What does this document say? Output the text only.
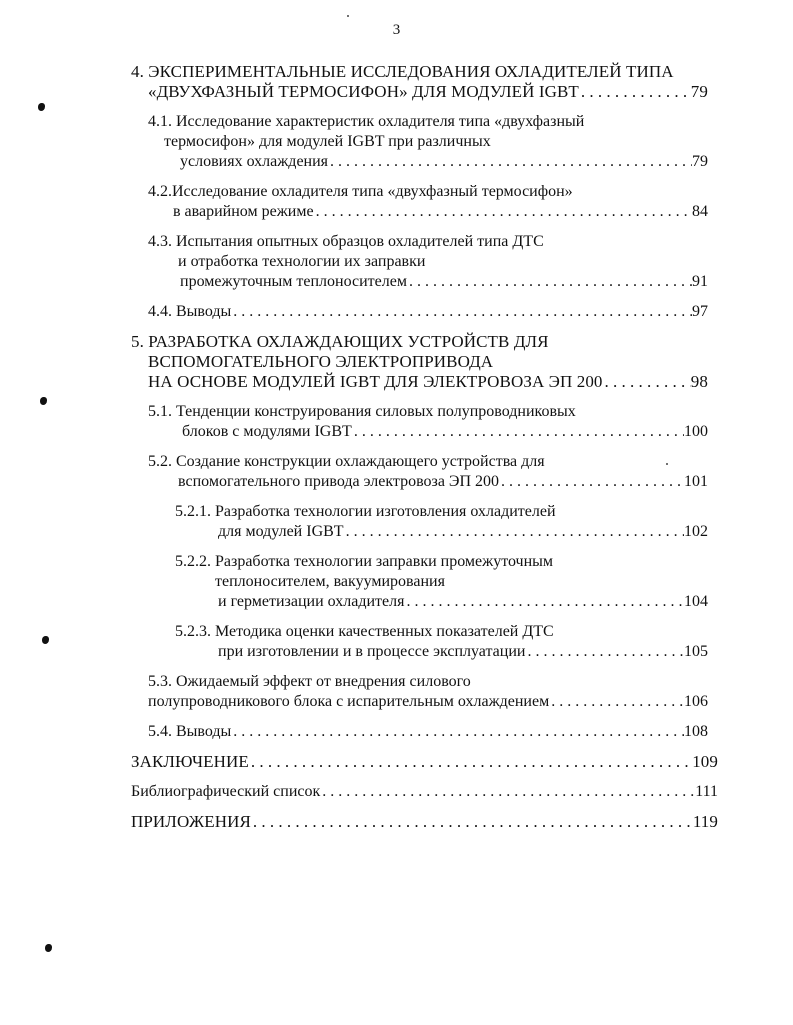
3
4. ЭКСПЕРИМЕНТАЛЬНЫЕ ИССЛЕДОВАНИЯ ОХЛАДИТЕЛЕЙ ТИПА
«ДВУХФАЗНЫЙ ТЕРМОСИФОН» ДЛЯ МОДУЛЕЙ IGBT . . .	79
4.1. Исследование характеристик охладителя типа «двухфазный
термосифон» для модулей IGBT при различных
условиях охлаждения . . .	79
4.2.Исследование охладителя типа «двухфазный термосифон»
в аварийном режиме . . .	84
4.3. Испытания опытных образцов охладителей типа ДТС
и отработка технологии их заправки
промежуточным теплоносителем . . .	91
4.4. Выводы . . .	97
5. РАЗРАБОТКА ОХЛАЖДАЮЩИХ УСТРОЙСТВ ДЛЯ
ВСПОМОГАТЕЛЬНОГО ЭЛЕКТРОПРИВОДА
НА ОСНОВЕ МОДУЛЕЙ IGBT ДЛЯ ЭЛЕКТРОВОЗА ЭП 200 . . .	98
5.1. Тенденции конструирования силовых полупроводниковых
блоков с модулями IGBT . . .	100
5.2. Создание конструкции охлаждающего устройства для
вспомогательного привода электровоза ЭП 200 . . .	101
5.2.1. Разработка технологии изготовления охладителей
для модулей IGBT . . .	102
5.2.2. Разработка технологии заправки промежуточным
теплоносителем, вакуумирования
и герметизации охладителя . . .	104
5.2.3. Методика оценки качественных показателей ДТС
при изготовлении и в процессе эксплуатации . . .	105
5.3. Ожидаемый эффект от внедрения силового
полупроводникового блока с испарительным охлаждением . . .	106
5.4. Выводы . . .	108
ЗАКЛЮЧЕНИЕ . . .	109
Библиографический список . . .	111
ПРИЛОЖЕНИЯ . . .	119
